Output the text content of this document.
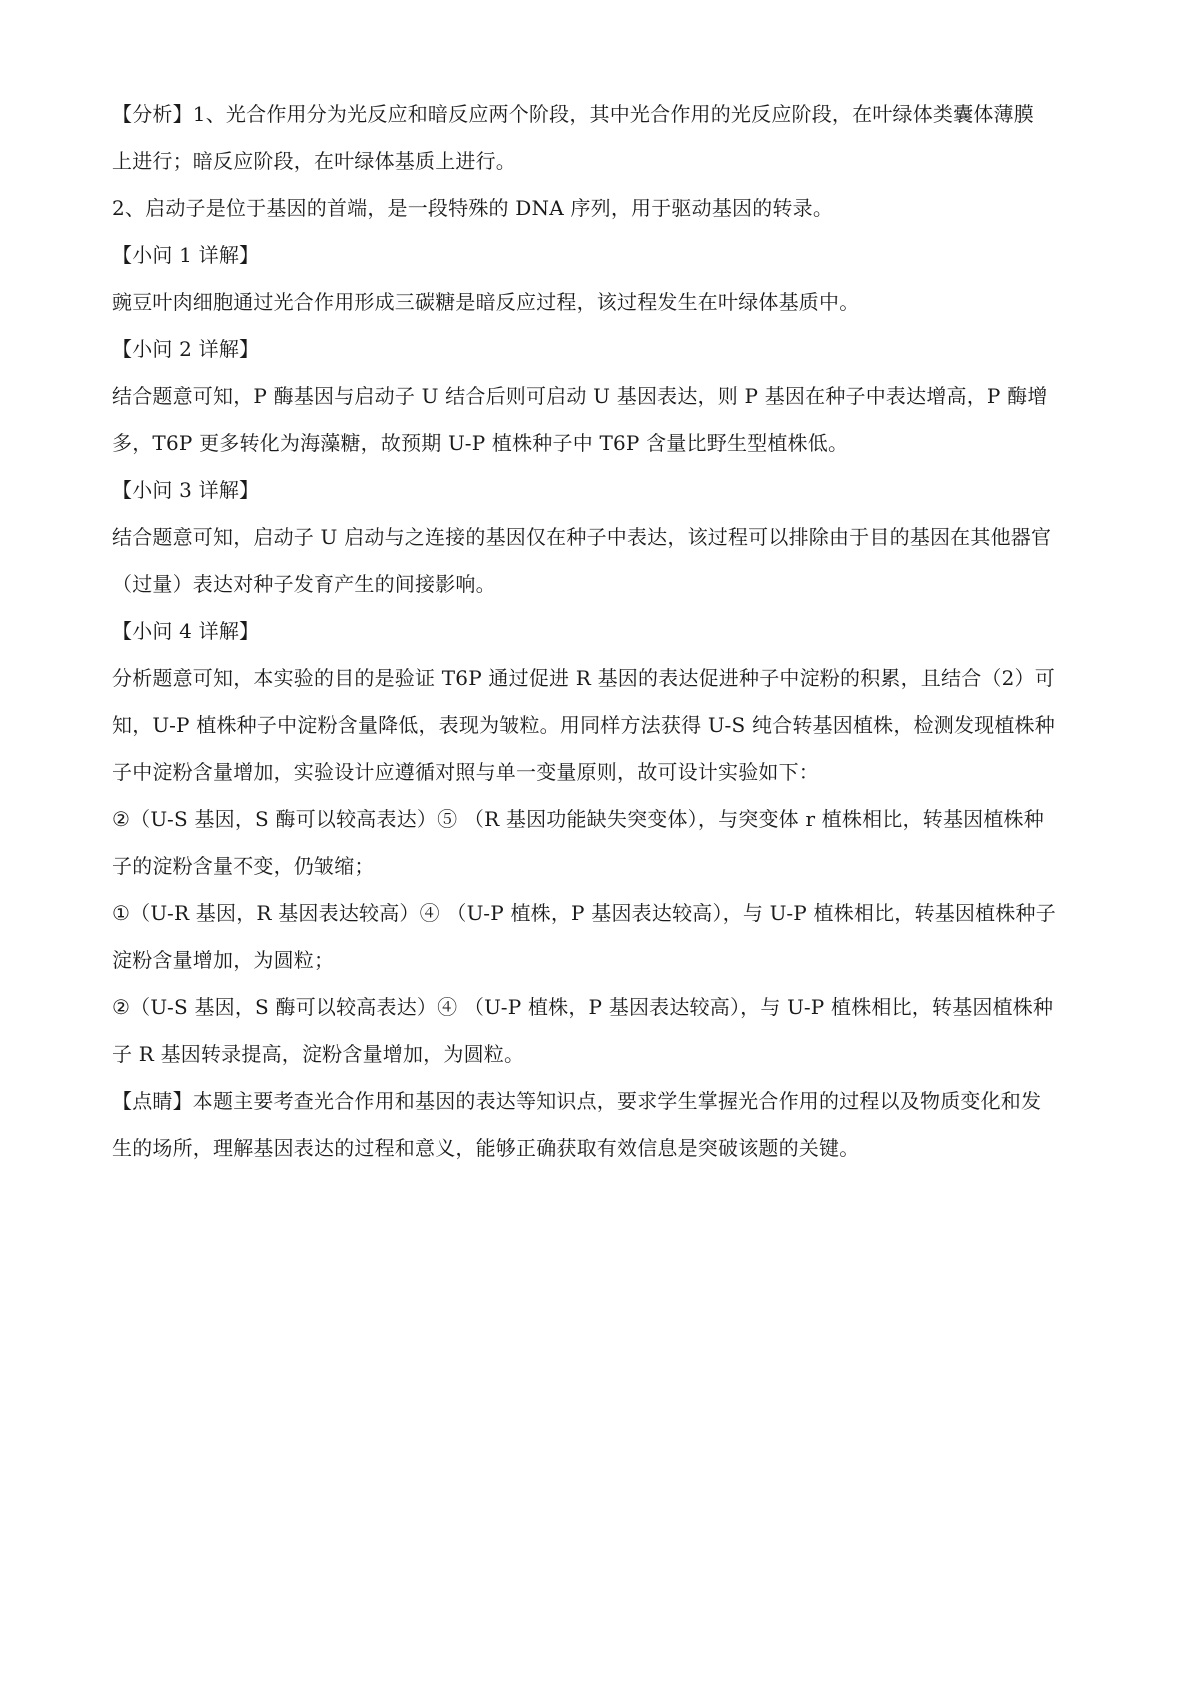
【分析】1、光合作用分为光反应和暗反应两个阶段，其中光合作用的光反应阶段，在叶绿体类囊体薄膜
上进行；暗反应阶段，在叶绿体基质上进行。
2、启动子是位于基因的首端，是一段特殊的 DNA 序列，用于驱动基因的转录。
【小问 1 详解】
豌豆叶肉细胞通过光合作用形成三碳糖是暗反应过程，该过程发生在叶绿体基质中。
【小问 2 详解】
结合题意可知，P 酶基因与启动子 U 结合后则可启动 U 基因表达，则 P 基因在种子中表达增高，P 酶增
多，T6P 更多转化为海藻糖，故预期 U-P 植株种子中 T6P 含量比野生型植株低。
【小问 3 详解】
结合题意可知，启动子 U 启动与之连接的基因仅在种子中表达，该过程可以排除由于目的基因在其他器官
（过量）表达对种子发育产生的间接影响。
【小问 4 详解】
分析题意可知，本实验的目的是验证 T6P 通过促进 R 基因的表达促进种子中淀粉的积累，且结合（2）可
知，U-P 植株种子中淀粉含量降低，表现为皱粒。用同样方法获得 U-S 纯合转基因植株，检测发现植株种
子中淀粉含量增加，实验设计应遵循对照与单一变量原则，故可设计实验如下：
②（U-S 基因，S 酶可以较高表达）⑤ （R 基因功能缺失突变体），与突变体 r 植株相比，转基因植株种
子的淀粉含量不变，仍皱缩；
①（U-R 基因，R 基因表达较高）④ （U-P 植株，P 基因表达较高），与 U-P 植株相比，转基因植株种子
淀粉含量增加，为圆粒；
②（U-S 基因，S 酶可以较高表达）④ （U-P 植株，P 基因表达较高），与 U-P 植株相比，转基因植株种
子 R 基因转录提高，淀粉含量增加，为圆粒。
【点睛】本题主要考查光合作用和基因的表达等知识点，要求学生掌握光合作用的过程以及物质变化和发
生的场所，理解基因表达的过程和意义，能够正确获取有效信息是突破该题的关键。
